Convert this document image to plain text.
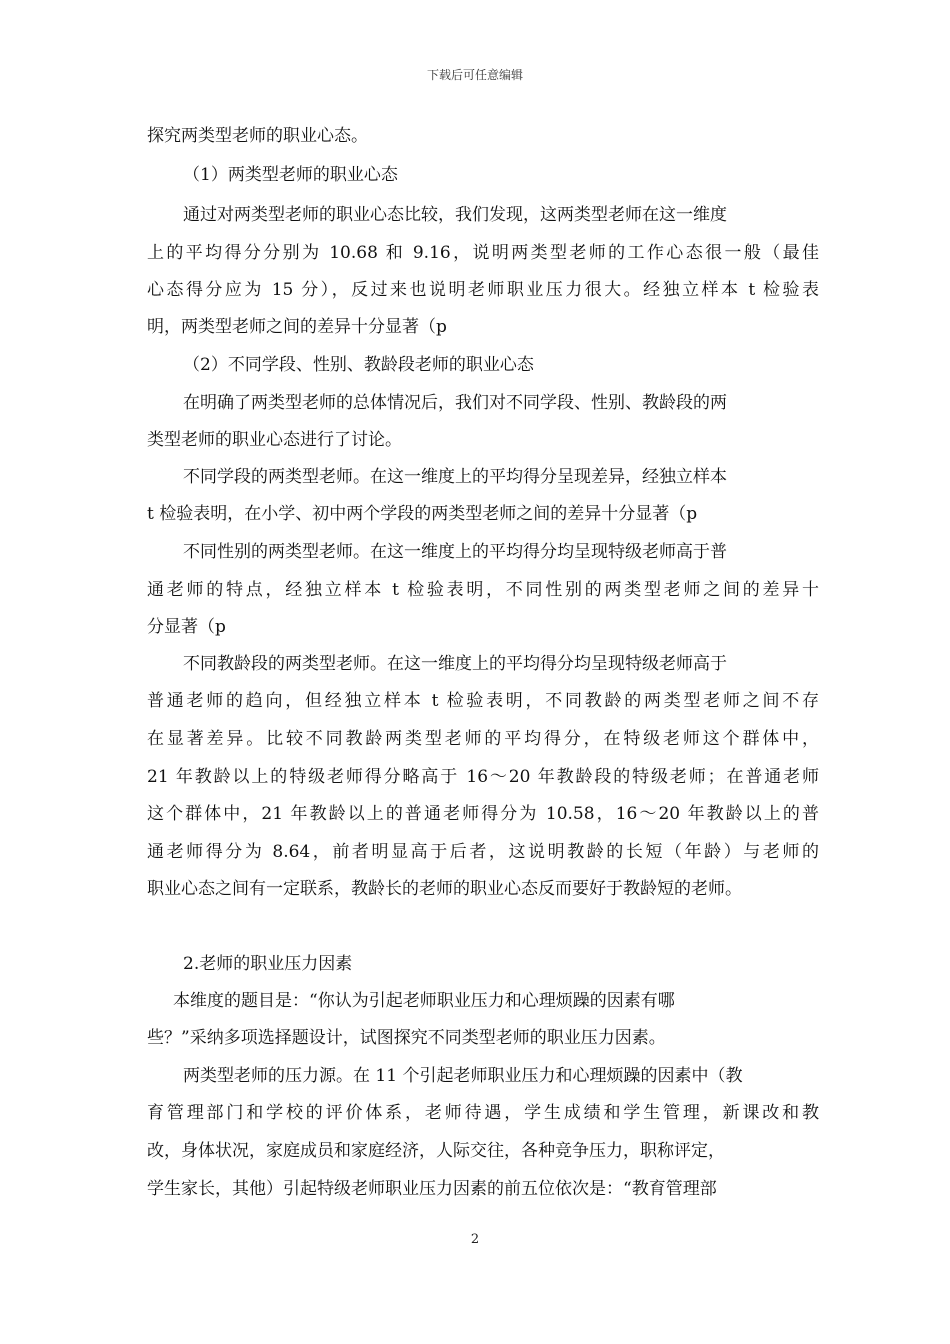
下载后可任意编辑
探究两类型老师的职业心态。
（1）两类型老师的职业心态
通过对两类型老师的职业心态比较，我们发现，这两类型老师在这一维度
上的平均得分分别为 10.68 和 9.16，说明两类型老师的工作心态很一般（最佳
心态得分应为 15 分），反过来也说明老师职业压力很大。经独立样本 t 检验表
明，两类型老师之间的差异十分显著（p
（2）不同学段、性别、教龄段老师的职业心态
在明确了两类型老师的总体情况后，我们对不同学段、性别、教龄段的两
类型老师的职业心态进行了讨论。
不同学段的两类型老师。在这一维度上的平均得分呈现差异，经独立样本
t 检验表明，在小学、初中两个学段的两类型老师之间的差异十分显著（p
不同性别的两类型老师。在这一维度上的平均得分均呈现特级老师高于普
通老师的特点，经独立样本 t 检验表明，不同性别的两类型老师之间的差异十
分显著（p
不同教龄段的两类型老师。在这一维度上的平均得分均呈现特级老师高于
普通老师的趋向，但经独立样本 t 检验表明，不同教龄的两类型老师之间不存
在显著差异。比较不同教龄两类型老师的平均得分，在特级老师这个群体中，
21 年教龄以上的特级老师得分略高于 16～20 年教龄段的特级老师；在普通老师
这个群体中，21 年教龄以上的普通老师得分为 10.58，16～20 年教龄以上的普
通老师得分为 8.64，前者明显高于后者，这说明教龄的长短（年龄）与老师的
职业心态之间有一定联系，教龄长的老师的职业心态反而要好于教龄短的老师。
2.老师的职业压力因素
本维度的题目是：“你认为引起老师职业压力和心理烦躁的因素有哪
些？”采纳多项选择题设计，试图探究不同类型老师的职业压力因素。
两类型老师的压力源。在 11 个引起老师职业压力和心理烦躁的因素中（教
育管理部门和学校的评价体系，老师待遇，学生成绩和学生管理，新课改和教
改，身体状况，家庭成员和家庭经济，人际交往，各种竞争压力，职称评定，
学生家长，其他）引起特级老师职业压力因素的前五位依次是：“教育管理部
2
